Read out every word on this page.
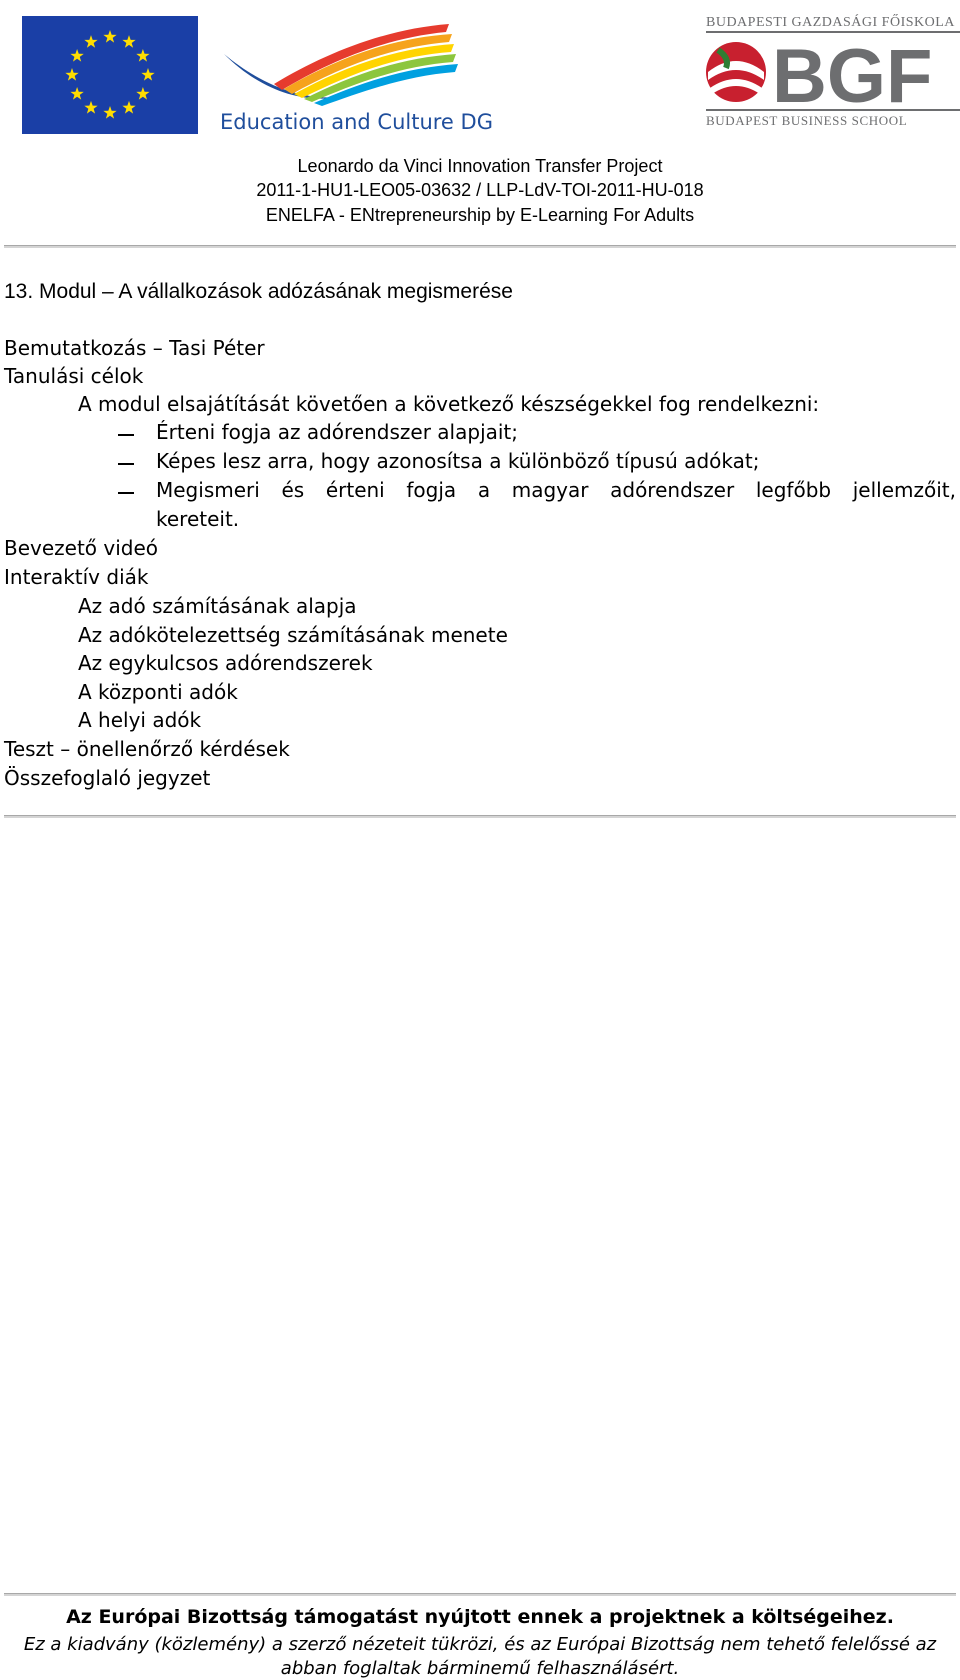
Education and Culture DG
BUDAPESTI GAZDASÁGI FŐISKOLA
BGF
BUDAPEST BUSINESS SCHOOL
Leonardo da Vinci Innovation Transfer Project
2011-1-HU1-LEO05-03632 / LLP-LdV-TOI-2011-HU-018
ENELFA - ENtrepreneurship by E-Learning For Adults
13. Modul – A vállalkozások adózásának megismerése
Bemutatkozás – Tasi Péter
Tanulási célok
A modul elsajátítását követően a következő készségekkel fog rendelkezni:
Érteni fogja az adórendszer alapjait;
Képes lesz arra, hogy azonosítsa a különböző típusú adókat;
Megismeri és érteni fogja a magyar adórendszer legfőbb jellemzőit,
kereteit.
Bevezető videó
Interaktív diák
Az adó számításának alapja
Az adókötelezettség számításának menete
Az egykulcsos adórendszerek
A központi adók
A helyi adók
Teszt – önellenőrző kérdések
Összefoglaló jegyzet
Az Európai Bizottság támogatást nyújtott ennek a projektnek a költségeihez.
Ez a kiadvány (közlemény) a szerző nézeteit tükrözi, és az Európai Bizottság nem tehető felelőssé az
abban foglaltak bárminemű felhasználásért.
